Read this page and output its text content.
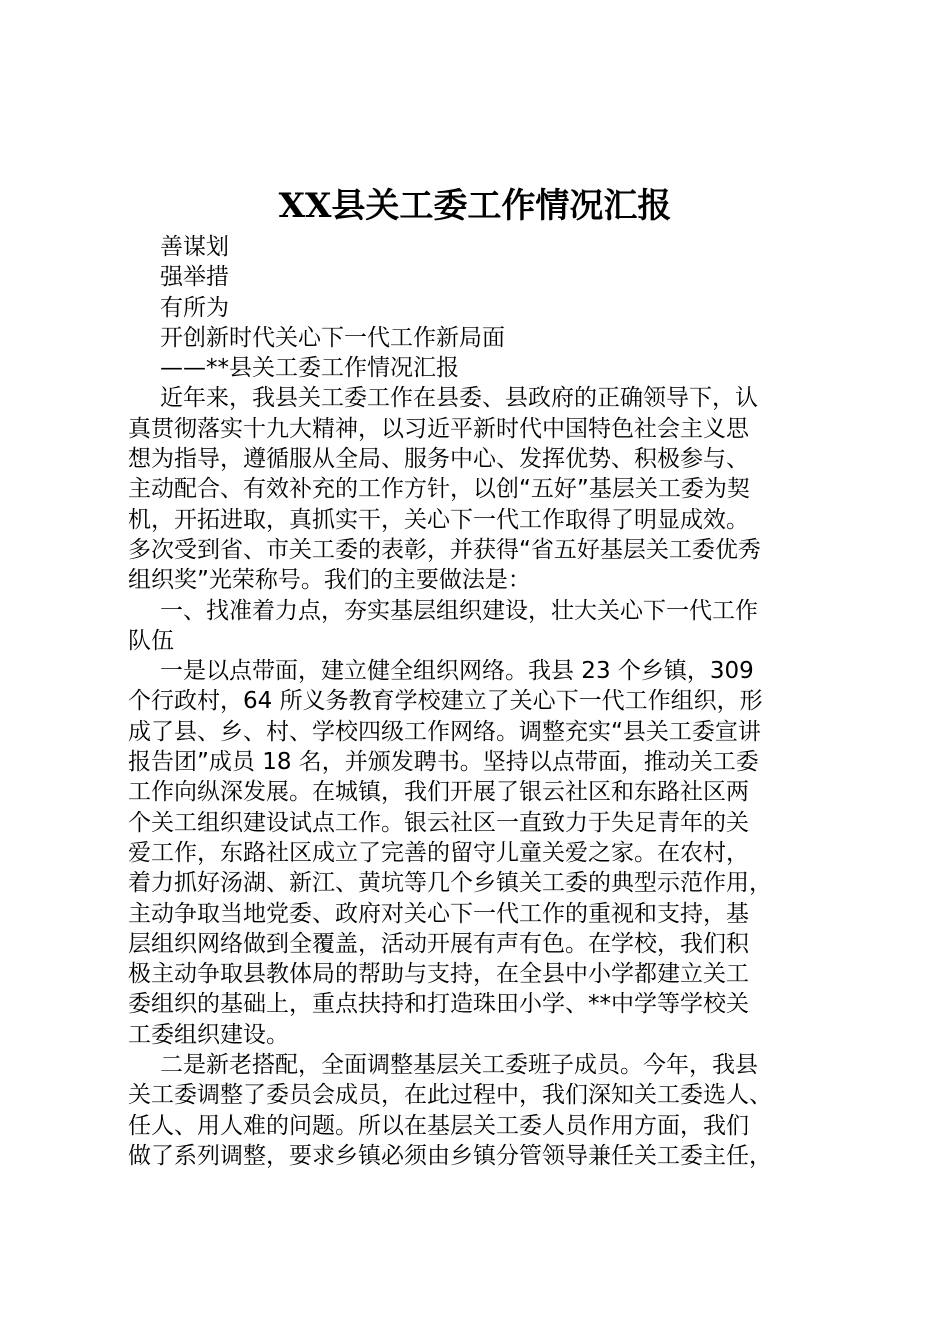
XX县关工委工作情况汇报

善谋划

强举措

有所为

开创新时代关心下一代工作新局面

——**县关工委工作情况汇报

近年来，我县关工委工作在县委、县政府的正确领导下，认

真贯彻落实十九大精神，以习近平新时代中国特色社会主义思

想为指导，遵循服从全局、服务中心、发挥优势、积极参与、

主动配合、有效补充的工作方针，以创“五好”基层关工委为契

机，开拓进取，真抓实干，关心下一代工作取得了明显成效。

多次受到省、市关工委的表彰，并获得“省五好基层关工委优秀

组织奖”光荣称号。我们的主要做法是：

一、找准着力点，夯实基层组织建设，壮大关心下一代工作

队伍

一是以点带面，建立健全组织网络。我县 23 个乡镇，309

个行政村，64 所义务教育学校建立了关心下一代工作组织，形

成了县、乡、村、学校四级工作网络。调整充实“县关工委宣讲

报告团”成员 18 名，并颁发聘书。坚持以点带面，推动关工委

工作向纵深发展。在城镇，我们开展了银云社区和东路社区两

个关工组织建设试点工作。银云社区一直致力于失足青年的关

爱工作，东路社区成立了完善的留守儿童关爱之家。在农村，

着力抓好汤湖、新江、黄坑等几个乡镇关工委的典型示范作用，

主动争取当地党委、政府对关心下一代工作的重视和支持，基

层组织网络做到全覆盖，活动开展有声有色。在学校，我们积

极主动争取县教体局的帮助与支持，在全县中小学都建立关工

委组织的基础上，重点扶持和打造珠田小学、**中学等学校关

工委组织建设。

二是新老搭配，全面调整基层关工委班子成员。今年，我县

关工委调整了委员会成员，在此过程中，我们深知关工委选人、

任人、用人难的问题。所以在基层关工委人员作用方面，我们

做了系列调整，要求乡镇必须由乡镇分管领导兼任关工委主任，
